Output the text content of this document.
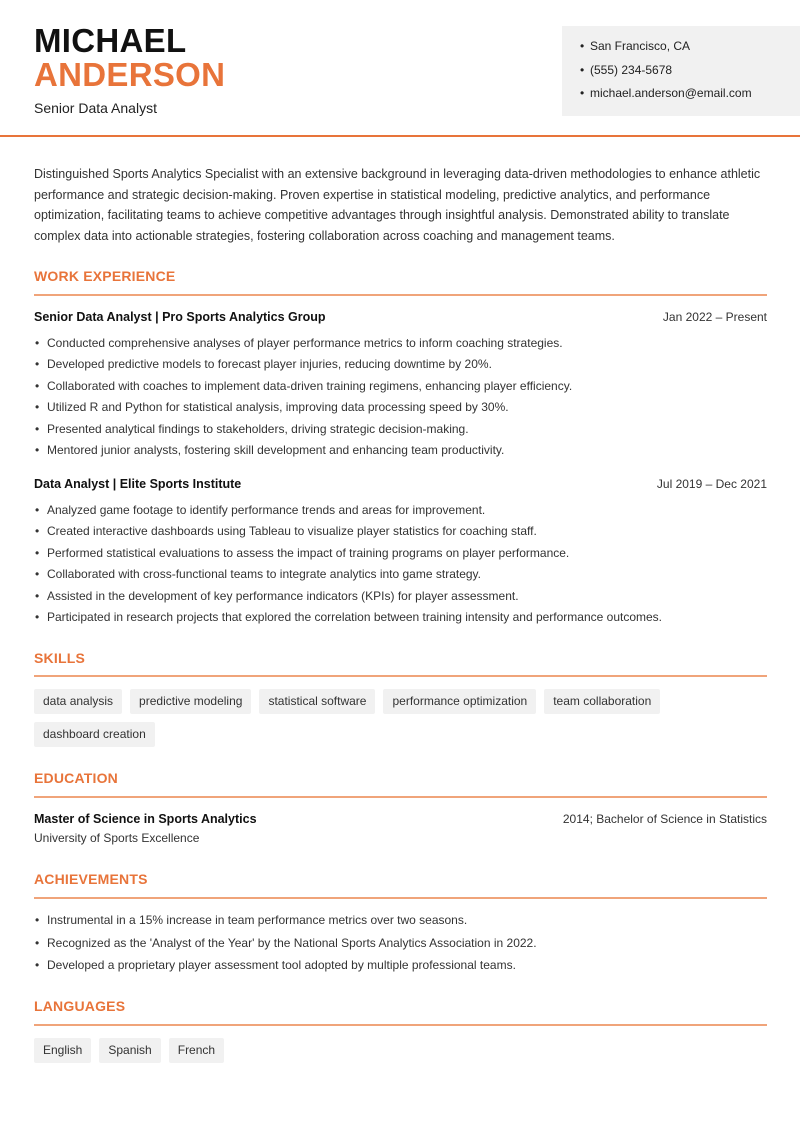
MICHAEL
ANDERSON
Senior Data Analyst
• San Francisco, CA
• (555) 234-5678
• michael.anderson@email.com

Distinguished Sports Analytics Specialist with an extensive background in leveraging data-driven methodologies to enhance athletic performance and strategic decision-making. Proven expertise in statistical modeling, predictive analytics, and performance optimization, facilitating teams to achieve competitive advantages through insightful analysis. Demonstrated ability to translate complex data into actionable strategies, fostering collaboration across coaching and management teams.

WORK EXPERIENCE
Senior Data Analyst | Pro Sports Analytics Group	Jan 2022 – Present
• Conducted comprehensive analyses of player performance metrics to inform coaching strategies.
• Developed predictive models to forecast player injuries, reducing downtime by 20%.
• Collaborated with coaches to implement data-driven training regimens, enhancing player efficiency.
• Utilized R and Python for statistical analysis, improving data processing speed by 30%.
• Presented analytical findings to stakeholders, driving strategic decision-making.
• Mentored junior analysts, fostering skill development and enhancing team productivity.
Data Analyst | Elite Sports Institute	Jul 2019 – Dec 2021
• Analyzed game footage to identify performance trends and areas for improvement.
• Created interactive dashboards using Tableau to visualize player statistics for coaching staff.
• Performed statistical evaluations to assess the impact of training programs on player performance.
• Collaborated with cross-functional teams to integrate analytics into game strategy.
• Assisted in the development of key performance indicators (KPIs) for player assessment.
• Participated in research projects that explored the correlation between training intensity and performance outcomes.
SKILLS
data analysis	predictive modeling	statistical software	performance optimization	team collaboration
dashboard creation
EDUCATION
Master of Science in Sports Analytics	2014; Bachelor of Science in Statistics
University of Sports Excellence
ACHIEVEMENTS
• Instrumental in a 15% increase in team performance metrics over two seasons.
• Recognized as the 'Analyst of the Year' by the National Sports Analytics Association in 2022.
• Developed a proprietary player assessment tool adopted by multiple professional teams.
LANGUAGES
English	Spanish	French
